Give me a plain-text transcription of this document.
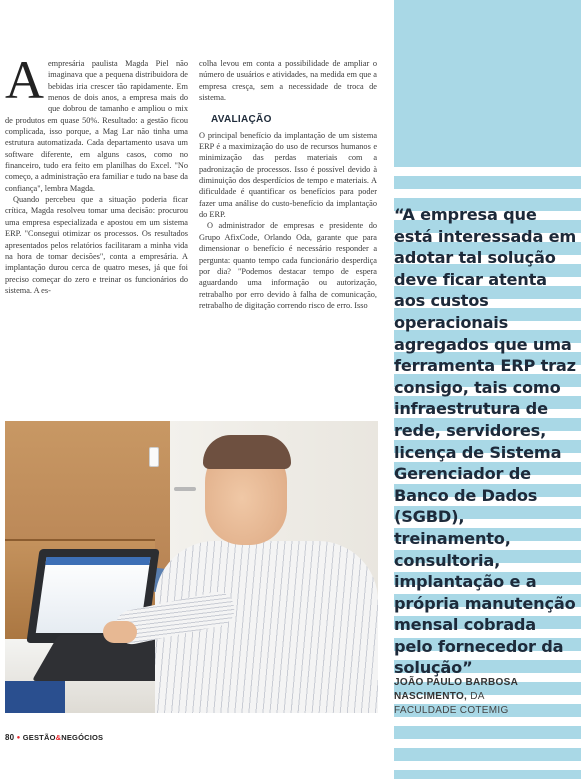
A empresária paulista Magda Piel não imaginava que a pequena distribuidora de bebidas iria crescer tão rapidamente. Em menos de dois anos, a empresa mais do que dobrou de tamanho e ampliou o mix de produtos em quase 50%. Resultado: a gestão ficou complicada, isso porque, a Mag Lar não tinha uma estrutura automatizada. Cada departamento usava um software diferente, em alguns casos, como no financeiro, tudo era feito em planilhas do Excel. "No começo, a administração era familiar e tudo na base da confiança", lembra Magda.

Quando percebeu que a situação poderia ficar crítica, Magda resolveu tomar uma decisão: procurou uma empresa especializada e apostou em um sistema ERP. "Consegui otimizar os processos. Os resultados apresentados pelos relatórios facilitaram a minha vida na hora de tomar decisões", conta a empresária. A implantação durou cerca de quatro meses, já que foi preciso começar do zero e treinar os funcionários do sistema. A es-

colha levou em conta a possibilidade de ampliar o número de usuários e atividades, na medida em que a empresa cresça, sem a necessidade de troca de sistema.

AVALIAÇÃO

O principal benefício da implantação de um sistema ERP é a maximização do uso de recursos humanos e minimização das perdas materiais com a padronização de processos. Isso é possível devido à diminuição dos desperdícios de tempo e materiais. A dificuldade é quantificar os benefícios para poder fazer uma análise do custo-benefício da implantação do ERP.

O administrador de empresas e presidente do Grupo AfixCode, Orlando Oda, garante que para dimensionar o benefício é necessário responder a pergunta: quanto tempo cada funcionário desperdiça por dia? "Podemos destacar tempo de espera aguardando uma informação ou autorização, retrabalho por erro devido à falha de comunicação, retrabalho de digitação correndo risco de erro. Isso

“A empresa que está interessada em adotar tal solução deve ficar atenta aos custos operacionais agregados que uma ferramenta ERP traz consigo, tais como infraestrutura de rede, servidores, licença de Sistema Gerenciador de Banco de Dados (SGBD), treinamento, consultoria, implantação e a própria manutenção mensal cobrada pelo fornecedor da solução”
JOÃO PAULO BARBOSA NASCIMENTO, DA
FACULDADE COTEMIG
80 ● GESTÃO&NEGÓCIOS
